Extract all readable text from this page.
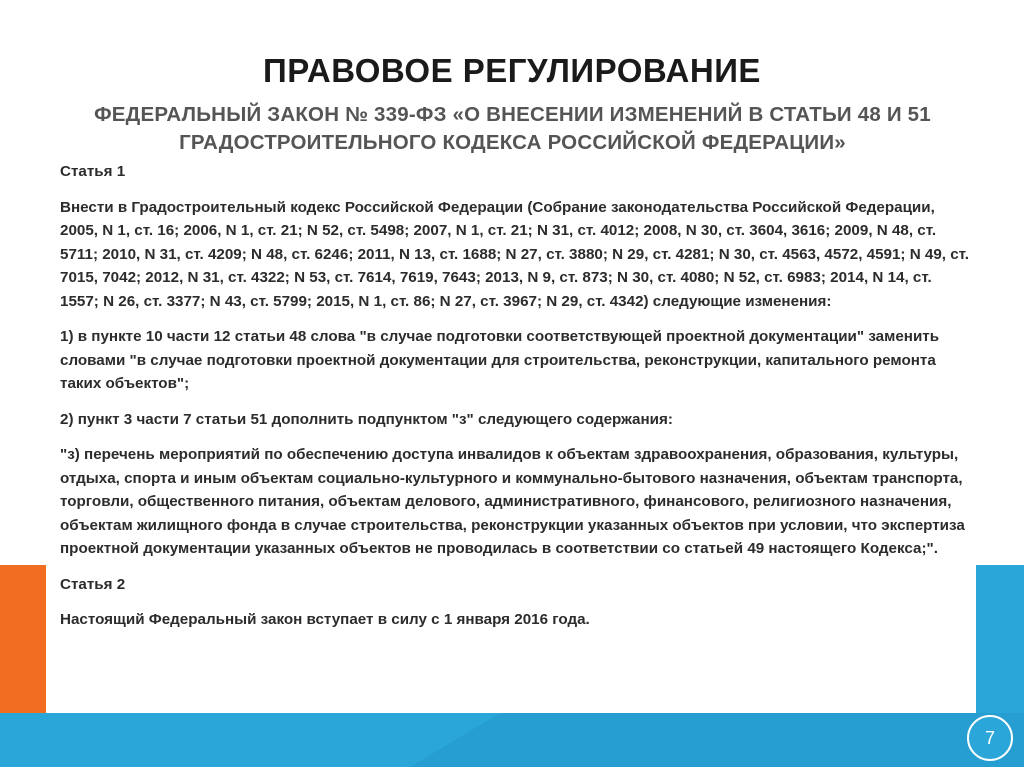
ПРАВОВОЕ РЕГУЛИРОВАНИЕ
ФЕДЕРАЛЬНЫЙ ЗАКОН № 339-ФЗ «О ВНЕСЕНИИ ИЗМЕНЕНИЙ В СТАТЬИ 48 И 51 ГРАДОСТРОИТЕЛЬНОГО КОДЕКСА РОССИЙСКОЙ ФЕДЕРАЦИИ»

Статья 1

Внести в Градостроительный кодекс Российской Федерации (Собрание законодательства Российской Федерации, 2005, N 1, ст. 16; 2006, N 1, ст. 21; N 52, ст. 5498; 2007, N 1, ст. 21; N 31, ст. 4012; 2008, N 30, ст. 3604, 3616; 2009, N 48, ст. 5711; 2010, N 31, ст. 4209; N 48, ст. 6246; 2011, N 13, ст. 1688; N 27, ст. 3880; N 29, ст. 4281; N 30, ст. 4563, 4572, 4591; N 49, ст. 7015, 7042; 2012, N 31, ст. 4322; N 53, ст. 7614, 7619, 7643; 2013, N 9, ст. 873; N 30, ст. 4080; N 52, ст. 6983; 2014, N 14, ст. 1557; N 26, ст. 3377; N 43, ст. 5799; 2015, N 1, ст. 86; N 27, ст. 3967; N 29, ст. 4342) следующие изменения:

1) в пункте 10 части 12 статьи 48 слова "в случае подготовки соответствующей проектной документации" заменить словами "в случае подготовки проектной документации для строительства, реконструкции, капитального ремонта таких объектов";

2) пункт 3 части 7 статьи 51 дополнить подпунктом "з" следующего содержания:

"з) перечень мероприятий по обеспечению доступа инвалидов к объектам здравоохранения, образования, культуры, отдыха, спорта и иным объектам социально-культурного и коммунально-бытового назначения, объектам транспорта, торговли, общественного питания, объектам делового, административного, финансового, религиозного назначения, объектам жилищного фонда в случае строительства, реконструкции указанных объектов при условии, что экспертиза проектной документации указанных объектов не проводилась в соответствии со статьей 49 настоящего Кодекса;".

Статья 2

Настоящий Федеральный закон вступает в силу с 1 января 2016 года.

7
